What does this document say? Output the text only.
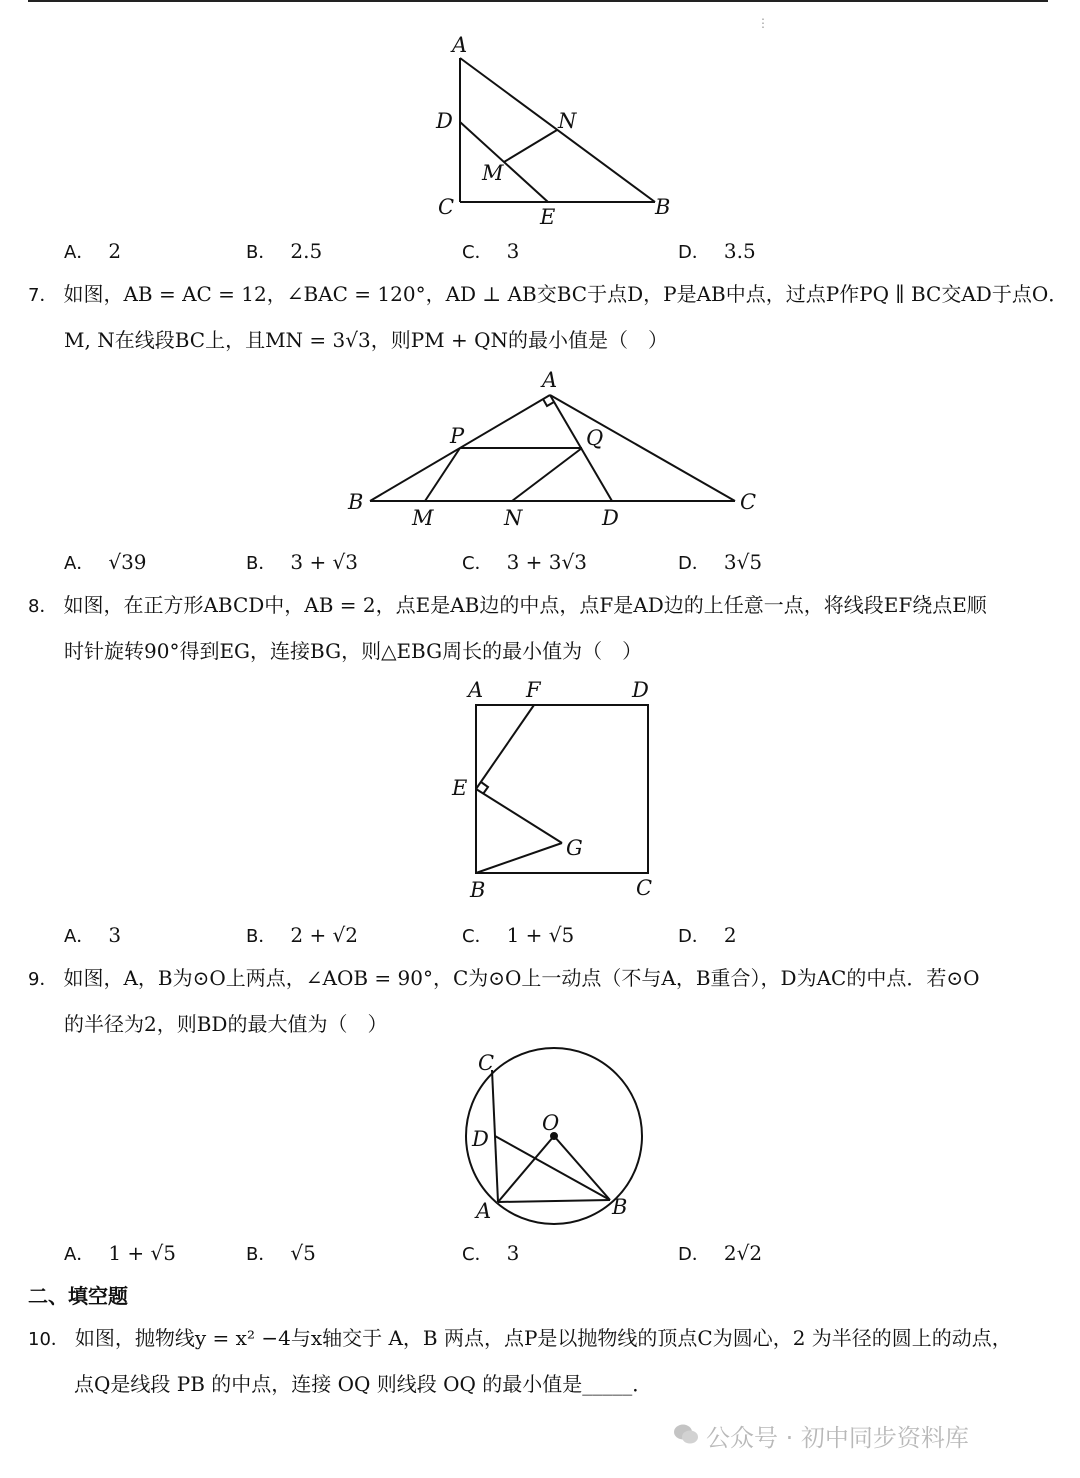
⋮
A
D	N
M
C	E	B
A． 2	B． 2.5	C． 3	D． 3.5
7． 如图，AB = AC = 12，∠BAC = 120°，AD ⊥ AB交BC于点D，P是AB中点，过点P作PQ ∥ BC交AD于点O．
M, N在线段BC上，且MN = 3√3，则PM + QN的最小值是（　）
A
P	Q
B
M	N	D
C
A． √39	B． 3 + √3	C． 3 + 3√3	D． 3√5
8． 如图，在正方形ABCD中，AB = 2，点E是AB边的中点，点F是AD边的上任意一点，将线段EF绕点E顺
时针旋转90°得到EG，连接BG，则△EBG周长的最小值为（　）
A F	D
E
G
B	C
A． 3	B． 2 + √2	C． 1 + √5	D． 2
9． 如图，A，B为⊙O上两点，∠AOB = 90°，C为⊙O上一动点（不与A，B重合），D为AC的中点．若⊙O
的半径为2，则BD的最大值为（　）
C
O
D
A	B
A． 1 + √5	B． √5	C． 3	D． 2√2
二、填空题
10． 如图，抛物线y = x² −4与x轴交于 A，B 两点，点P是以抛物线的顶点C为圆心，2 为半径的圆上的动点，
点Q是线段 PB 的中点，连接 OQ 则线段 OQ 的最小值是_____．
公众号 · 初中同步资料库
